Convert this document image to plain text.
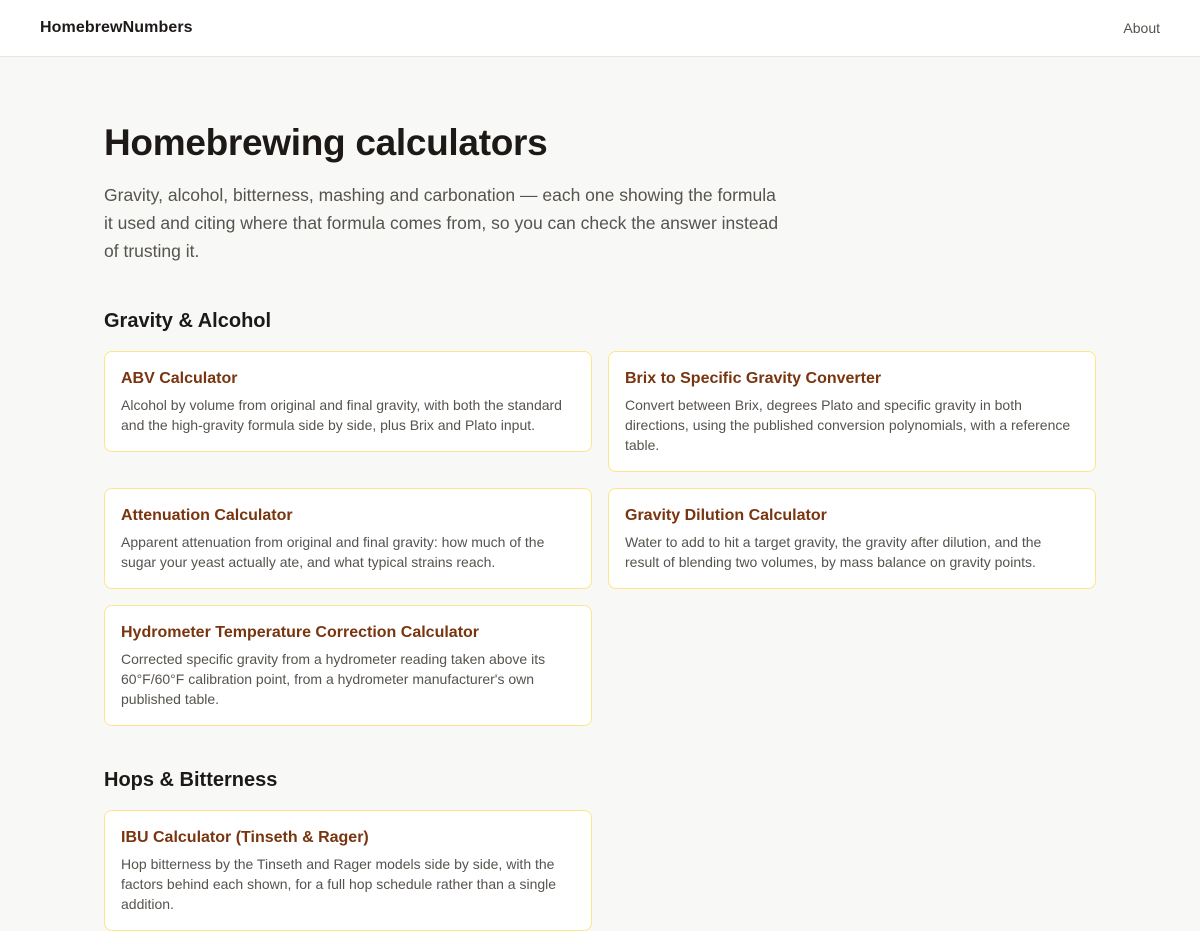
HomebrewNumbers	About
Homebrewing calculators

Gravity, alcohol, bitterness, mashing and carbonation — each one showing the formula it used and citing where that formula comes from, so you can check the answer instead of trusting it.

Gravity & Alcohol
ABV Calculator
Alcohol by volume from original and final gravity, with both the standard and the high-gravity formula side by side, plus Brix and Plato input.
Brix to Specific Gravity Converter
Convert between Brix, degrees Plato and specific gravity in both directions, using the published conversion polynomials, with a reference table.
Attenuation Calculator
Apparent attenuation from original and final gravity: how much of the sugar your yeast actually ate, and what typical strains reach.
Gravity Dilution Calculator
Water to add to hit a target gravity, the gravity after dilution, and the result of blending two volumes, by mass balance on gravity points.
Hydrometer Temperature Correction Calculator
Corrected specific gravity from a hydrometer reading taken above its 60°F/60°F calibration point, from a hydrometer manufacturer's own published table.
Hops & Bitterness
IBU Calculator (Tinseth & Rager)
Hop bitterness by the Tinseth and Rager models side by side, with the factors behind each shown, for a full hop schedule rather than a single addition.
